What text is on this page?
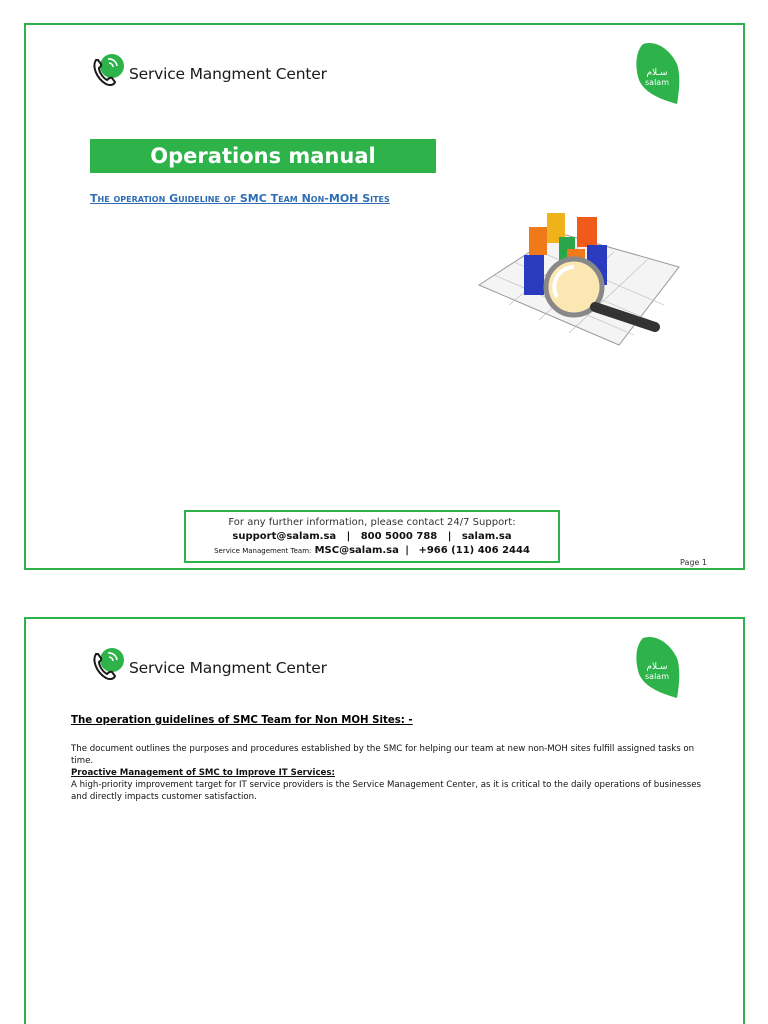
Service Mangment Center	سـلام
salam
Operations manual
The operation Guideline of SMC Team Non-MOH Sites
For any further information, please contact 24/7 Support:
support@salam.sa | 800 5000 788 | salam.sa
Service Management Team: MSC@salam.sa | +966 (11) 406 2444
Page 1
Service Mangment Center	سـلام
salam
The operation guidelines of SMC Team for Non MOH Sites: -
The document outlines the purposes and procedures established by the SMC for helping our team at new non-MOH sites fulfill assigned tasks on time.
Proactive Management of SMC to Improve IT Services:
A high-priority improvement target for IT service providers is the Service Management Center, as it is critical to the daily operations of businesses and directly impacts customer satisfaction.
